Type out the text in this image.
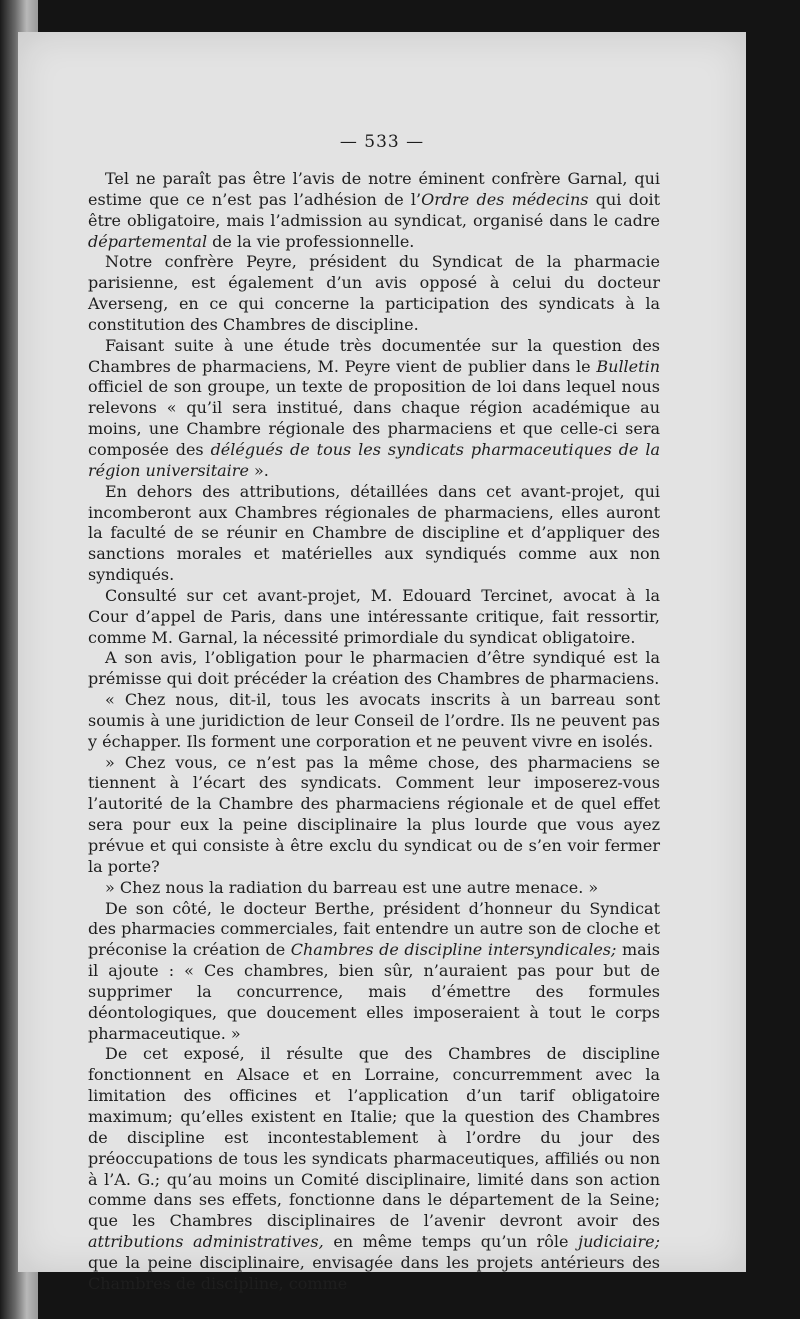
— 533 —

Tel ne paraît pas être l’avis de notre éminent confrère Garnal, qui estime que ce n’est pas l’adhésion de l’Ordre des médecins qui doit être obligatoire, mais l’admission au syndicat, organisé dans le cadre départemental de la vie professionnelle.

Notre confrère Peyre, président du Syndicat de la pharmacie parisienne, est également d’un avis opposé à celui du docteur Averseng, en ce qui concerne la participation des syndicats à la constitution des Chambres de discipline.

Faisant suite à une étude très documentée sur la question des Chambres de pharmaciens, M. Peyre vient de publier dans le Bulletin officiel de son groupe, un texte de proposition de loi dans lequel nous relevons « qu’il sera institué, dans chaque région académique au moins, une Chambre régionale des pharmaciens et que celle-ci sera composée des délégués de tous les syndicats pharmaceutiques de la région universitaire ».

En dehors des attributions, détaillées dans cet avant-projet, qui incomberont aux Chambres régionales de pharmaciens, elles auront la faculté de se réunir en Chambre de discipline et d’appliquer des sanctions morales et matérielles aux syndiqués comme aux non syndiqués.

Consulté sur cet avant-projet, M. Edouard Tercinet, avocat à la Cour d’appel de Paris, dans une intéressante critique, fait ressortir, comme M. Garnal, la nécessité primordiale du syndicat obligatoire.

A son avis, l’obligation pour le pharmacien d’être syndiqué est la prémisse qui doit précéder la création des Chambres de pharmaciens.

« Chez nous, dit-il, tous les avocats inscrits à un barreau sont soumis à une juridiction de leur Conseil de l’ordre. Ils ne peuvent pas y échapper. Ils forment une corporation et ne peuvent vivre en isolés.

» Chez vous, ce n’est pas la même chose, des pharmaciens se tiennent à l’écart des syndicats. Comment leur imposerez-vous l’autorité de la Chambre des pharmaciens régionale et de quel effet sera pour eux la peine disciplinaire la plus lourde que vous ayez prévue et qui consiste à être exclu du syndicat ou de s’en voir fermer la porte?

» Chez nous la radiation du barreau est une autre menace. »

De son côté, le docteur Berthe, président d’honneur du Syndicat des pharmacies commerciales, fait entendre un autre son de cloche et préconise la création de Chambres de discipline intersyndicales; mais il ajoute : « Ces chambres, bien sûr, n’auraient pas pour but de supprimer la concurrence, mais d’émettre des formules déontologiques, que doucement elles imposeraient à tout le corps pharmaceutique. »

De cet exposé, il résulte que des Chambres de discipline fonctionnent en Alsace et en Lorraine, concurremment avec la limitation des officines et l’application d’un tarif obligatoire maximum; qu’elles existent en Italie; que la question des Chambres de discipline est incontestablement à l’ordre du jour des préoccupations de tous les syndicats pharmaceutiques, affiliés ou non à l’A. G.; qu’au moins un Comité disciplinaire, limité dans son action comme dans ses effets, fonctionne dans le département de la Seine; que les Chambres disciplinaires de l’avenir devront avoir des attributions administratives, en même temps qu’un rôle judiciaire; que la peine disciplinaire, envisagée dans les projets antérieurs des Chambres de discipline, comme
